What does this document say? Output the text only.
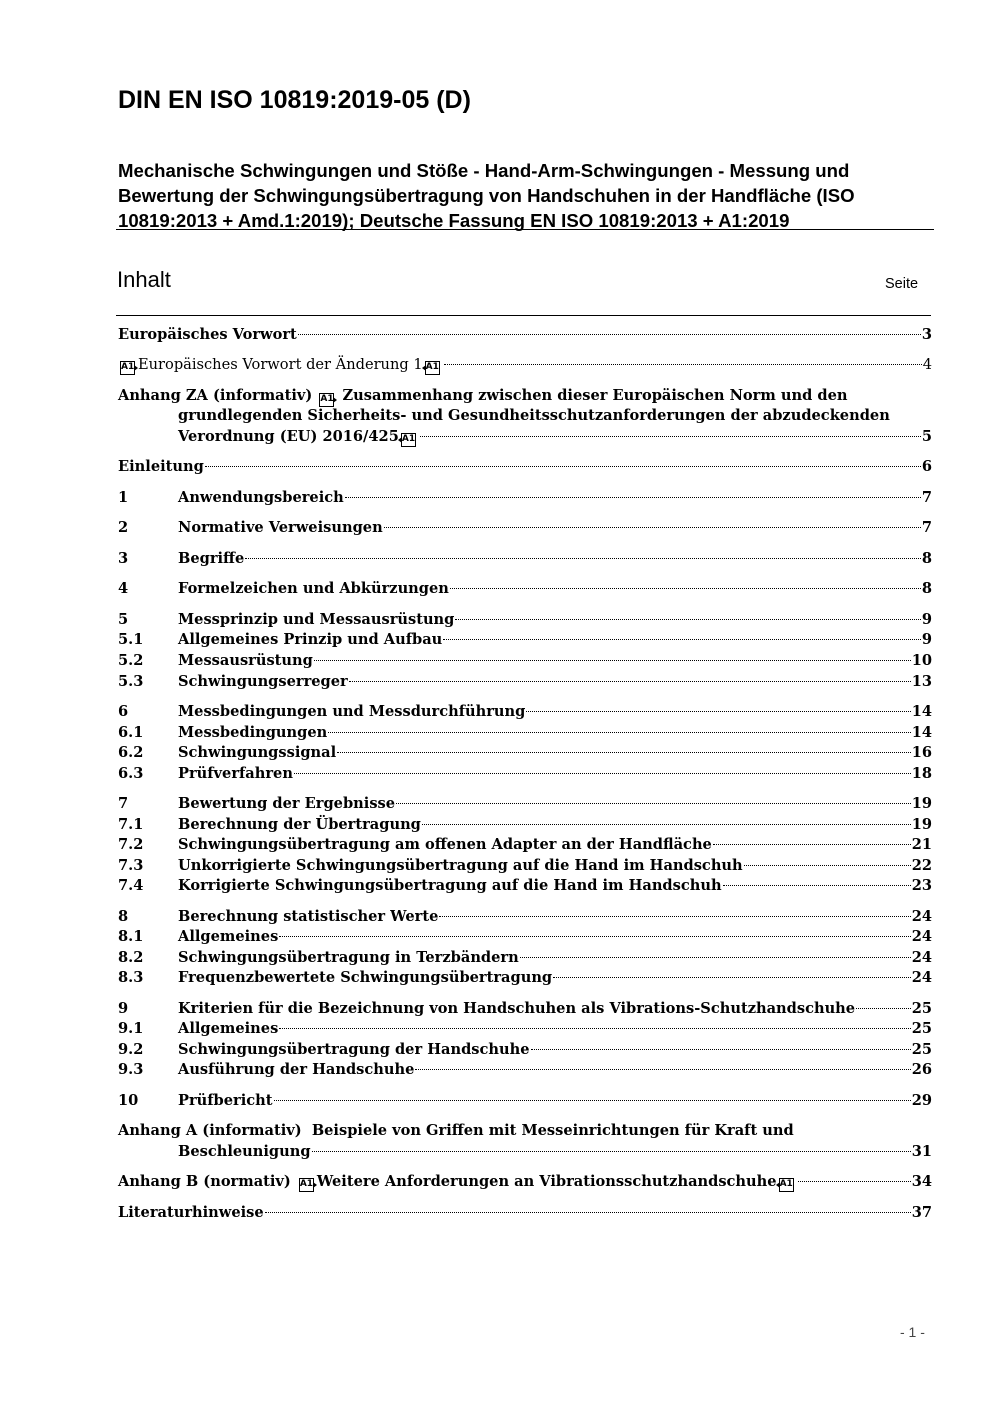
DIN EN ISO 10819:2019-05 (D)
Mechanische Schwingungen und Stöße - Hand-Arm-Schwingungen - Messung und
Bewertung der Schwingungsübertragung von Handschuhen in der Handfläche (ISO
10819:2013 + Amd.1:2019); Deutsche Fassung EN ISO 10819:2013 + A1:2019
Inhalt	Seite
Europäisches Vorwort	3
A1 Europäisches Vorwort der Änderung 1 A1	4
Anhang ZA (informativ) A1 Zusammenhang zwischen dieser Europäischen Norm und den
grundlegenden Sicherheits- und Gesundheitsschutzanforderungen der abzudeckenden
Verordnung (EU) 2016/425 A1	5
Einleitung	6
1	Anwendungsbereich	7
2	Normative Verweisungen	7
3	Begriffe	8
4	Formelzeichen und Abkürzungen	8
5	Messprinzip und Messausrüstung	9
5.1	Allgemeines Prinzip und Aufbau	9
5.2	Messausrüstung	10
5.3	Schwingungserreger	13
6	Messbedingungen und Messdurchführung	14
6.1	Messbedingungen	14
6.2	Schwingungssignal	16
6.3	Prüfverfahren	18
7	Bewertung der Ergebnisse	19
7.1	Berechnung der Übertragung	19
7.2	Schwingungsübertragung am offenen Adapter an der Handfläche	21
7.3	Unkorrigierte Schwingungsübertragung auf die Hand im Handschuh	22
7.4	Korrigierte Schwingungsübertragung auf die Hand im Handschuh	23
8	Berechnung statistischer Werte	24
8.1	Allgemeines	24
8.2	Schwingungsübertragung in Terzbändern	24
8.3	Frequenzbewertete Schwingungsübertragung	24
9	Kriterien für die Bezeichnung von Handschuhen als Vibrations-Schutzhandschuhe	25
9.1	Allgemeines	25
9.2	Schwingungsübertragung der Handschuhe	25
9.3	Ausführung der Handschuhe	26
10	Prüfbericht	29
Anhang A (informativ) Beispiele von Griffen mit Messeinrichtungen für Kraft und
Beschleunigung	31
Anhang B (normativ) A1 Weitere Anforderungen an Vibrationsschutzhandschuhe A1	34
Literaturhinweise	37
- 1 -
